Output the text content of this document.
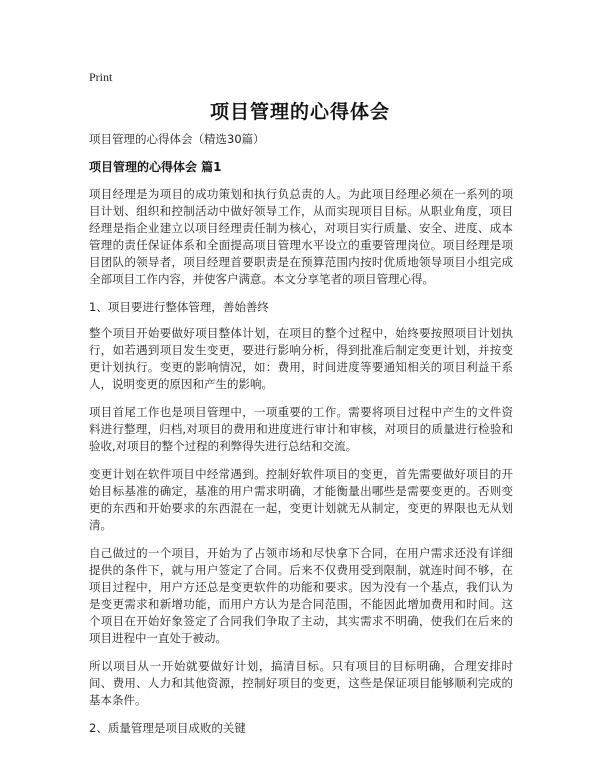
Print
项目管理的心得体会

项目管理的心得体会（精选30篇）

项目管理的心得体会 篇1

项目经理是为项目的成功策划和执行负总责的人。为此项目经理必须在一系列的项目计划、组织和控制活动中做好领导工作，从而实现项目目标。从职业角度，项目经理是指企业建立以项目经理责任制为核心，对项目实行质量、安全、进度、成本管理的责任保证体系和全面提高项目管理水平设立的重要管理岗位。项目经理是项目团队的领导者，项目经理首要职责是在预算范围内按时优质地领导项目小组完成全部项目工作内容，并使客户满意。本文分享笔者的项目管理心得。

1、项目要进行整体管理，善始善终

整个项目开始要做好项目整体计划，在项目的整个过程中，始终要按照项目计划执行，如若遇到项目发生变更，要进行影响分析，得到批准后制定变更计划，并按变更计划执行。变更的影响情况，如：费用，时间进度等要通知相关的项目利益干系人，说明变更的原因和产生的影响。

项目首尾工作也是项目管理中，一项重要的工作。需要将项目过程中产生的文件资料进行整理，归档,对项目的费用和进度进行审计和审核，对项目的质量进行检验和验收,对项目的整个过程的利弊得失进行总结和交流。

变更计划在软件项目中经常遇到。控制好软件项目的变更，首先需要做好项目的开始目标基准的确定，基准的用户需求明确，才能衡量出哪些是需要变更的。否则变更的东西和开始要求的东西混在一起，变更计划就无从制定，变更的界限也无从划清。

自己做过的一个项目，开始为了占领市场和尽快拿下合同，在用户需求还没有详细提供的条件下，就与用户签定了合同。后来不仅费用受到限制，就连时间不够，在项目过程中，用户方还总是变更软件的功能和要求。因为没有一个基点，我们认为是变更需求和新增功能，而用户方认为是合同范围，不能因此增加费用和时间。这个项目在开始好象签定了合同我们争取了主动，其实需求不明确，使我们在后来的项目进程中一直处于被动。

所以项目从一开始就要做好计划，搞清目标。只有项目的目标明确，合理安排时间、费用、人力和其他资源，控制好项目的变更，这些是保证项目能够顺利完成的基本条件。

2、质量管理是项目成败的关键
